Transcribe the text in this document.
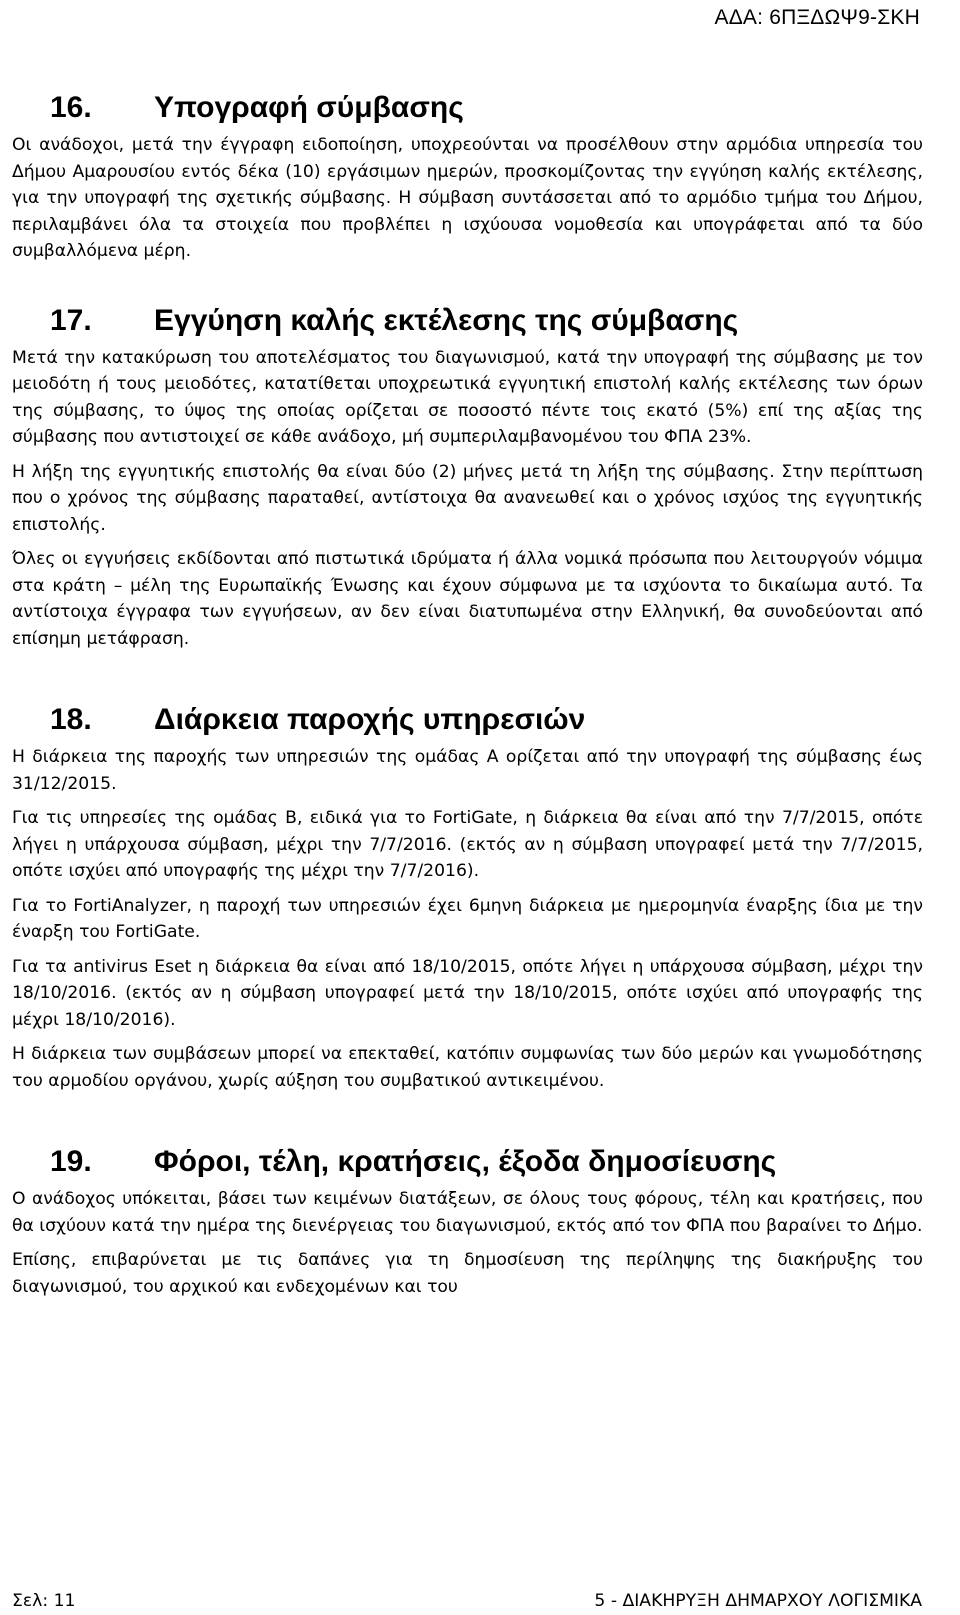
ΑΔΑ: 6ΠΞΔΩΨ9-ΣΚΗ
16.	Υπογραφή σύμβασης

Οι ανάδοχοι, μετά την έγγραφη ειδοποίηση, υποχρεούνται να προσέλθουν στην αρμόδια υπηρεσία του Δήμου Αμαρουσίου εντός δέκα (10) εργάσιμων ημερών, προσκομίζοντας την εγγύηση καλής εκτέλεσης, για την υπογραφή της σχετικής σύμβασης. Η σύμβαση συντάσσεται από το αρμόδιο τμήμα του Δήμου, περιλαμβάνει όλα τα στοιχεία που προβλέπει η ισχύουσα νομοθεσία και υπογράφεται από τα δύο συμβαλλόμενα μέρη.

17.	Εγγύηση καλής εκτέλεσης της σύμβασης

Μετά την κατακύρωση του αποτελέσματος του διαγωνισμού, κατά την υπογραφή της σύμβασης με τον μειοδότη ή τους μειοδότες, κατατίθεται υποχρεωτικά εγγυητική επιστολή καλής εκτέλεσης των όρων της σύμβασης, το ύψος της οποίας ορίζεται σε ποσοστό πέντε τοις εκατό (5%) επί της αξίας της σύμβασης που αντιστοιχεί σε κάθε ανάδοχο, μή συμπεριλαμβανομένου του ΦΠΑ 23%.

Η λήξη της εγγυητικής επιστολής θα είναι δύο (2) μήνες μετά τη λήξη της σύμβασης. Στην περίπτωση που ο χρόνος της σύμβασης παραταθεί, αντίστοιχα θα ανανεωθεί και ο χρόνος ισχύος της εγγυητικής επιστολής.

Όλες οι εγγυήσεις εκδίδονται από πιστωτικά ιδρύματα ή άλλα νομικά πρόσωπα που λειτουργούν νόμιμα στα κράτη – μέλη της Ευρωπαϊκής Ένωσης και έχουν σύμφωνα με τα ισχύοντα το δικαίωμα αυτό. Τα αντίστοιχα έγγραφα των εγγυήσεων, αν δεν είναι διατυπωμένα στην Ελληνική, θα συνοδεύονται από επίσημη μετάφραση.

18.	Διάρκεια παροχής υπηρεσιών

Η διάρκεια της παροχής των υπηρεσιών της ομάδας Α ορίζεται από την υπογραφή της σύμβασης έως 31/12/2015.

Για τις υπηρεσίες της ομάδας Β, ειδικά για το FortiGate, η διάρκεια θα είναι από την 7/7/2015, οπότε λήγει η υπάρχουσα σύμβαση, μέχρι την 7/7/2016. (εκτός αν η σύμβαση υπογραφεί μετά την 7/7/2015, οπότε ισχύει από υπογραφής της μέχρι την 7/7/2016).

Για το FortiAnalyzer, η παροχή των υπηρεσιών έχει 6μηνη διάρκεια με ημερομηνία έναρξης ίδια με την έναρξη του FortiGate.

Για τα antivirus Eset η διάρκεια θα είναι από 18/10/2015, οπότε λήγει η υπάρχουσα σύμβαση, μέχρι την 18/10/2016. (εκτός αν η σύμβαση υπογραφεί μετά την 18/10/2015, οπότε ισχύει από υπογραφής της μέχρι 18/10/2016).

Η διάρκεια των συμβάσεων μπορεί να επεκταθεί, κατόπιν συμφωνίας των δύο μερών και γνωμοδότησης του αρμοδίου οργάνου, χωρίς αύξηση του συμβατικού αντικειμένου.

19.	Φόροι, τέλη, κρατήσεις, έξοδα δημοσίευσης

Ο ανάδοχος υπόκειται, βάσει των κειμένων διατάξεων, σε όλους τους φόρους, τέλη και κρατήσεις, που θα ισχύουν κατά την ημέρα της διενέργειας του διαγωνισμού, εκτός από τον ΦΠΑ που βαραίνει το Δήμο.

Επίσης, επιβαρύνεται με τις δαπάνες για τη δημοσίευση της περίληψης της διακήρυξης του διαγωνισμού, του αρχικού και ενδεχομένων και του

Σελ: 11	5 - ΔΙΑΚΗΡΥΞΗ ΔΗΜΑΡΧΟΥ ΛΟΓΙΣΜΙΚΑ
